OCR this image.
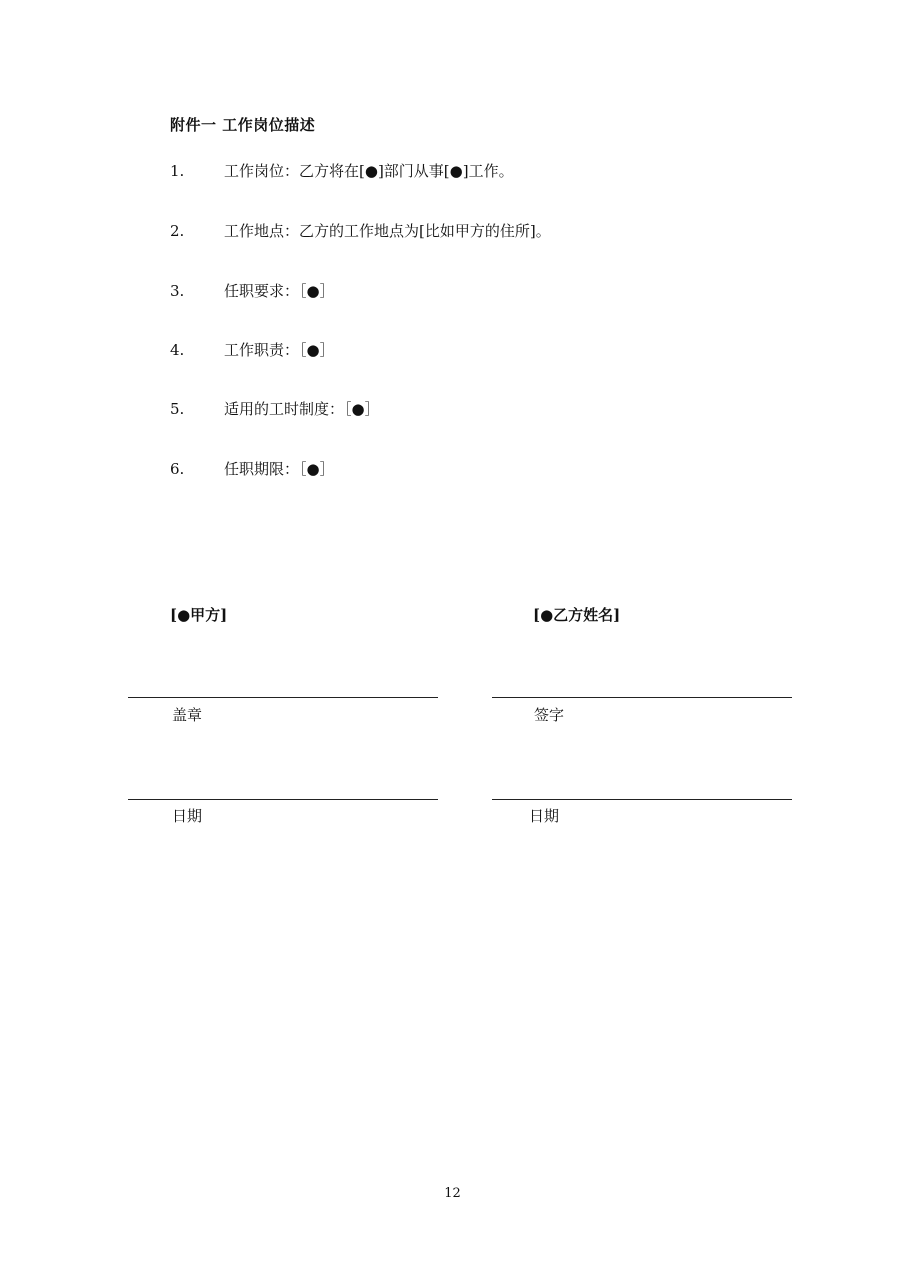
附件一 工作岗位描述
1.	工作岗位：乙方将在[●]部门从事[●]工作。
2.	工作地点：乙方的工作地点为[比如甲方的住所]。
3.	任职要求：［●］
4.	工作职责：［●］
5.	适用的工时制度：［●］
6.	任职期限：［●］
[●甲方]
盖章
日期
[●乙方姓名]
签字
日期
12
